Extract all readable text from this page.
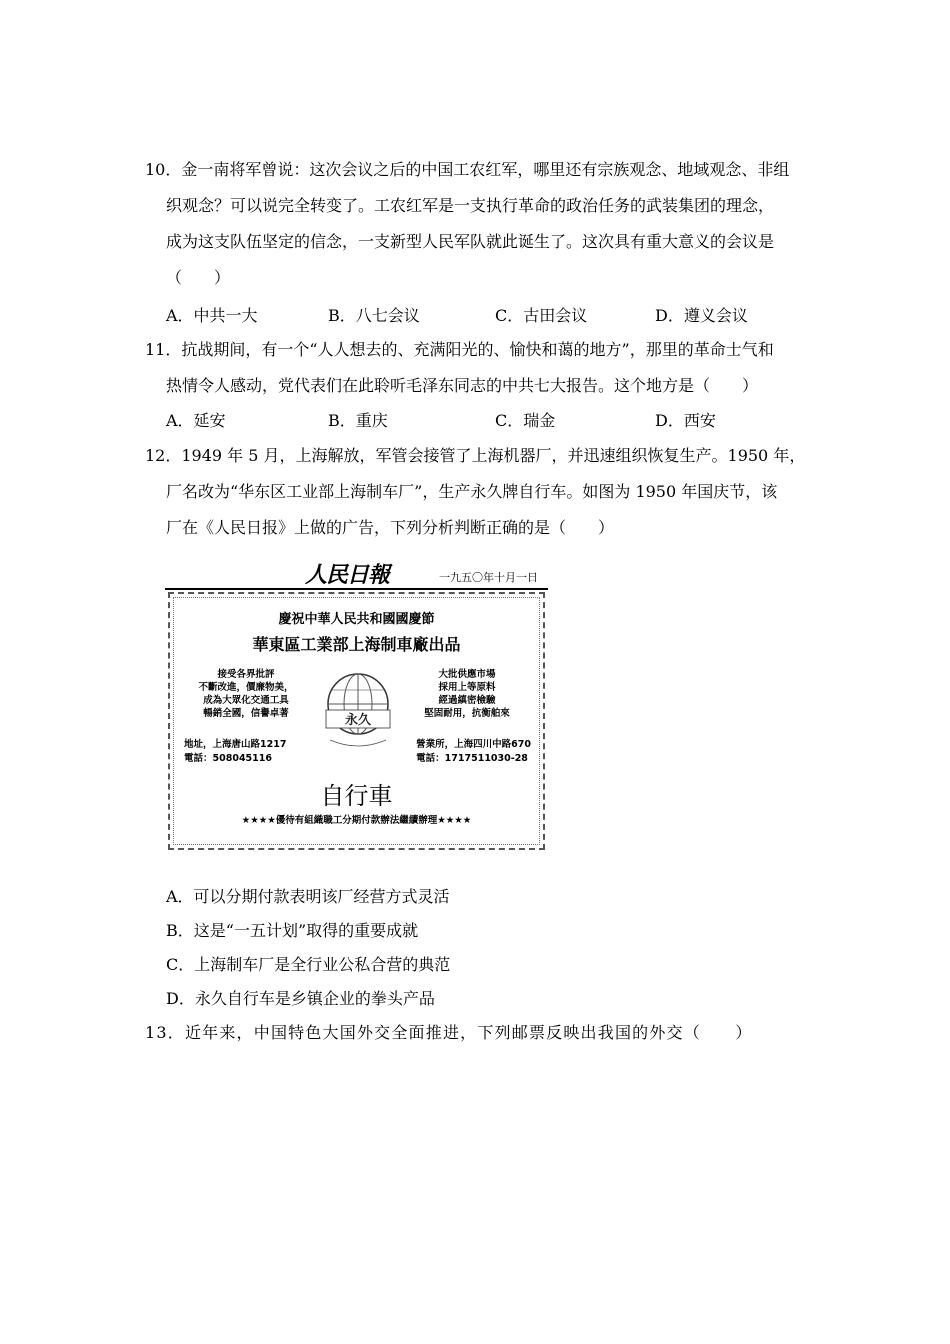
10．金一南将军曾说：这次会议之后的中国工农红军，哪里还有宗族观念、地域观念、非组
织观念？可以说完全转变了。工农红军是一支执行革命的政治任务的武装集团的理念，
成为这支队伍坚定的信念，一支新型人民军队就此诞生了。这次具有重大意义的会议是
（　　）
A．中共一大	B．八七会议	C．古田会议	D．遵义会议
11．抗战期间，有一个“人人想去的、充满阳光的、愉快和蔼的地方”，那里的革命士气和
热情令人感动，党代表们在此聆听毛泽东同志的中共七大报告。这个地方是（　　）
A．延安	B．重庆	C．瑞金	D．西安
12．1949 年 5 月，上海解放，军管会接管了上海机器厂，并迅速组织恢复生产。1950 年，
厂名改为“华东区工业部上海制车厂”，生产永久牌自行车。如图为 1950 年国庆节，该
厂在《人民日报》上做的广告，下列分析判断正确的是（　　）
人民日報	一九五〇年十月一日
慶祝中華人民共和國國慶節
華東區工業部上海制車廠出品
接受各界批評
不斷改進，價廉物美，
成為大眾化交通工具
暢銷全國，信譽卓著	永久
大批供應市場
採用上等原料
經過縝密檢驗
堅固耐用，抗衡舶來
地址，上海唐山路1217
電話：508045116
營業所，上海四川中路670
電話：1717511030-28
自行車
★★★★優待有組織職工分期付款辦法繼續辦理★★★★
A．可以分期付款表明该厂经营方式灵活
B．这是“一五计划”取得的重要成就
C．上海制车厂是全行业公私合营的典范
D．永久自行车是乡镇企业的拳头产品
13．近年来，中国特色大国外交全面推进，下列邮票反映出我国的外交（　　）
